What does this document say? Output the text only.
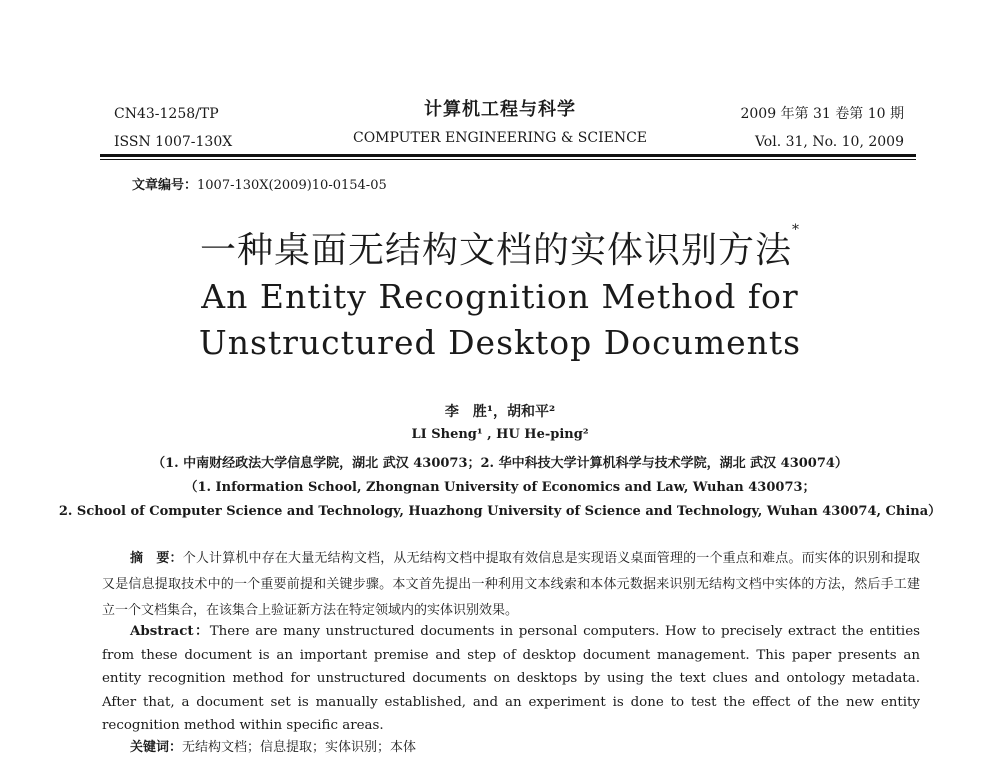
CN43-1258/TP
ISSN 1007-130X
计算机工程与科学
COMPUTER ENGINEERING & SCIENCE
2009 年第 31 卷第 10 期
Vol. 31, No. 10, 2009
文章编号：1007-130X(2009)10-0154-05
一种桌面无结构文档的实体识别方法*
An Entity Recognition Method for
Unstructured Desktop Documents
李　胜¹，胡和平²
LI Sheng¹ , HU He-ping²
（1. 中南财经政法大学信息学院，湖北 武汉 430073；2. 华中科技大学计算机科学与技术学院，湖北 武汉 430074）
（1. Information School, Zhongnan University of Economics and Law, Wuhan 430073；
2. School of Computer Science and Technology, Huazhong University of Science and Technology, Wuhan 430074, China）
摘　要：个人计算机中存在大量无结构文档，从无结构文档中提取有效信息是实现语义桌面管理的一个重点和难点。而实体的识别和提取又是信息提取技术中的一个重要前提和关键步骤。本文首先提出一种利用文本线索和本体元数据来识别无结构文档中实体的方法，然后手工建立一个文档集合，在该集合上验证新方法在特定领域内的实体识别效果。
Abstract：There are many unstructured documents in personal computers. How to precisely extract the entities from these document is an important premise and step of desktop document management. This paper presents an entity recognition method for unstructured documents on desktops by using the text clues and ontology metadata. After that, a document set is manually established, and an experiment is done to test the effect of the new entity recognition method within specific areas.
关键词：无结构文档；信息提取；实体识别；本体
